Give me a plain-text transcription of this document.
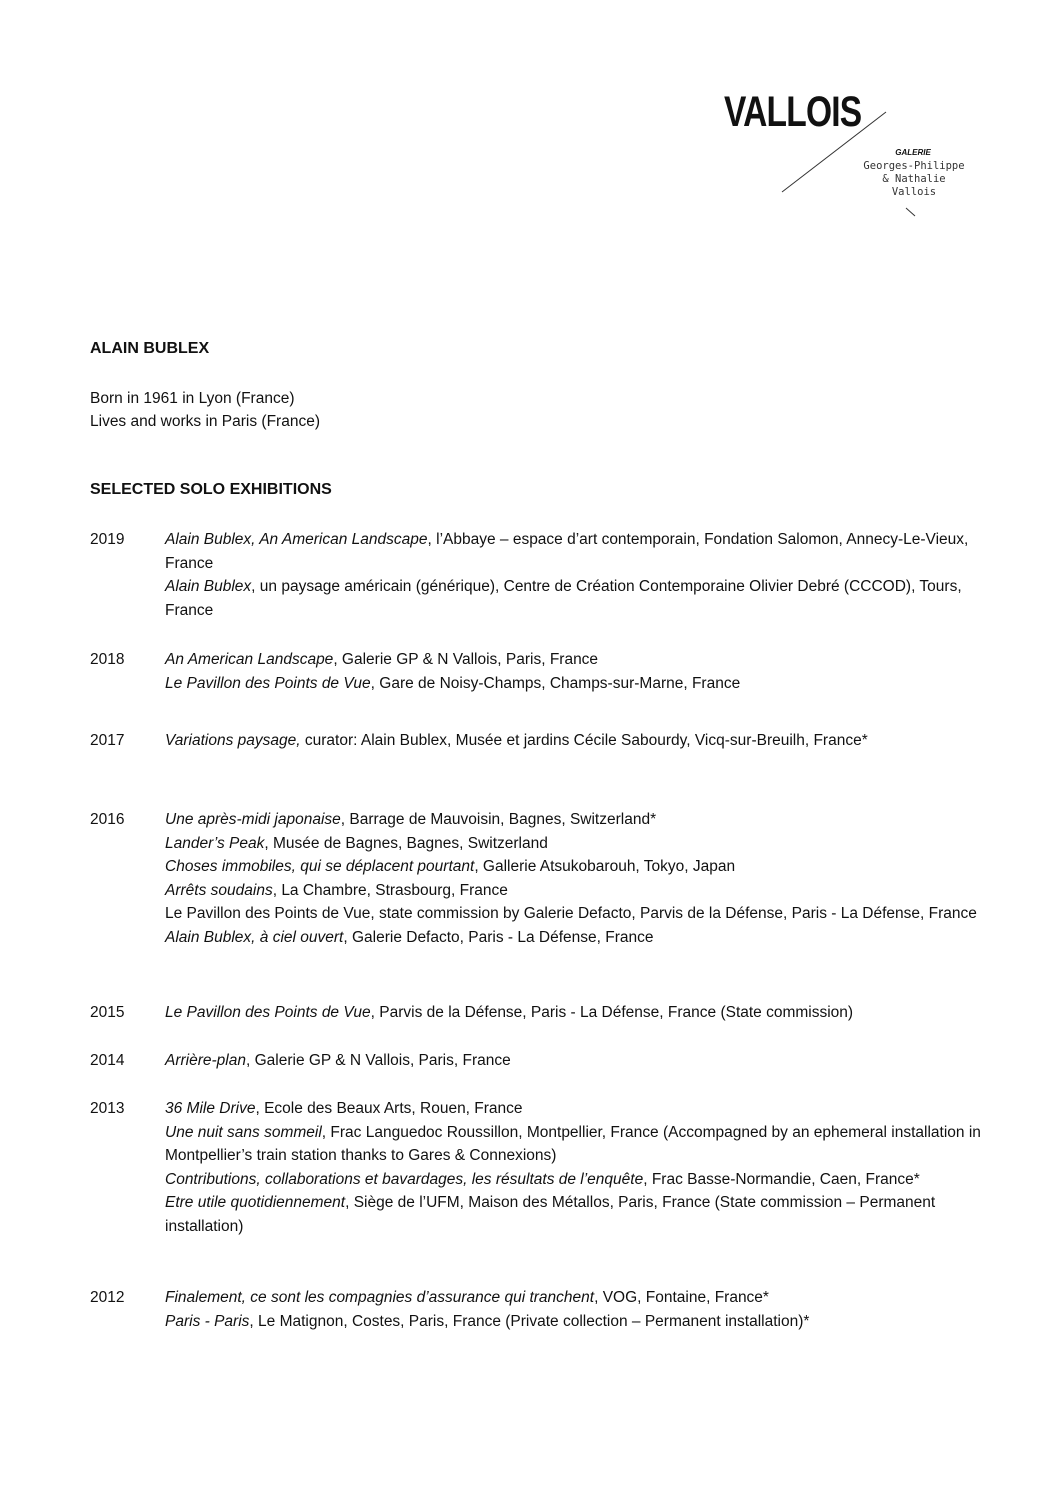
VALLOIS
GALERIE
Georges-Philippe
& Nathalie
Vallois
ALAIN BUBLEX
Born in 1961 in Lyon (France)
Lives and works in Paris (France)
SELECTED SOLO EXHIBITIONS
2019	Alain Bublex, An American Landscape, l’Abbaye – espace d’art contemporain, Fondation Salomon, Annecy-Le-Vieux, France
Alain Bublex, un paysage américain (générique), Centre de Création Contemporaine Olivier Debré (CCCOD), Tours, France
2018	An American Landscape, Galerie GP & N Vallois, Paris, France
Le Pavillon des Points de Vue, Gare de Noisy-Champs, Champs-sur-Marne, France
2017	Variations paysage, curator: Alain Bublex, Musée et jardins Cécile Sabourdy, Vicq-sur-Breuilh, France*
2016	Une après-midi japonaise, Barrage de Mauvoisin, Bagnes, Switzerland*
Lander’s Peak, Musée de Bagnes, Bagnes, Switzerland
Choses immobiles, qui se déplacent pourtant, Gallerie Atsukobarouh, Tokyo, Japan
Arrêts soudains, La Chambre, Strasbourg, France
Le Pavillon des Points de Vue, state commission by Galerie Defacto, Parvis de la Défense, Paris - La Défense, France
Alain Bublex, à ciel ouvert, Galerie Defacto, Paris - La Défense, France
2015	Le Pavillon des Points de Vue, Parvis de la Défense, Paris - La Défense, France (State commission)
2014	Arrière-plan, Galerie GP & N Vallois, Paris, France
2013	36 Mile Drive, Ecole des Beaux Arts, Rouen, France
Une nuit sans sommeil, Frac Languedoc Roussillon, Montpellier, France (Accompagned by an ephemeral installation in Montpellier’s train station thanks to Gares & Connexions)
Contributions, collaborations et bavardages, les résultats de l’enquête, Frac Basse-Normandie, Caen, France*
Etre utile quotidiennement, Siège de l’UFM, Maison des Métallos, Paris, France (State commission – Permanent installation)
2012	Finalement, ce sont les compagnies d’assurance qui tranchent, VOG, Fontaine, France*
Paris - Paris, Le Matignon, Costes, Paris, France (Private collection – Permanent installation)*
